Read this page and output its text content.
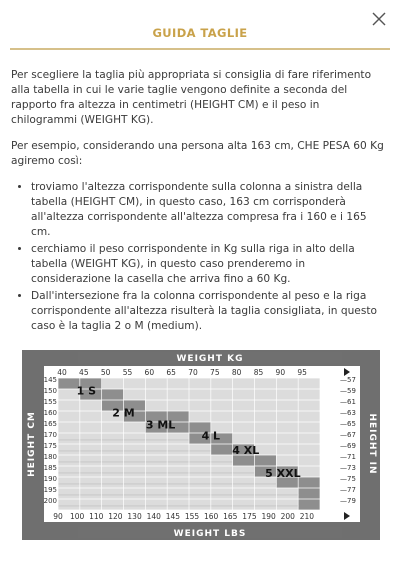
GUIDA TAGLIE

Per scegliere la taglia più appropriata si consiglia di fare riferimento alla tabella in cui le varie taglie vengono definite a seconda del rapporto fra altezza in centimetri (HEIGHT CM) e il peso in chilogrammi (WEIGHT KG).

Per esempio, considerando una persona alta 163 cm, CHE PESA 60 Kg agiremo così:

• troviamo l'altezza corrispondente sulla colonna a sinistra della tabella (HEIGHT CM), in questo caso, 163 cm corrisponderà all'altezza corrispondente all'altezza compresa fra i 160 e i 165 cm.
• cerchiamo il peso corrispondente in Kg sulla riga in alto della tabella (WEIGHT KG), in questo caso prenderemo in considerazione la casella che arriva fino a 60 Kg.
• Dall'intersezione fra la colonna corrispondente al peso e la riga corrispondente all'altezza risulterà la taglia consigliata, in questo caso è la taglia 2 o M (medium).
WEIGHT KG
WEIGHT LBS
HEIGHT CM	HEIGHT IN
40 45 50 55 60 65 70 75 80 85 90 95
90 100 110 120 130 140 145 155 160 165 175 190 200 210
145
150
155
160
165
170
175
180
185
190
195
200
—57
—59
—61
—63
—65
—67
—69
—71
—73
—75
—77
—79
1 S
2 M
3 ML
4 L
4 XL
5 XXL
